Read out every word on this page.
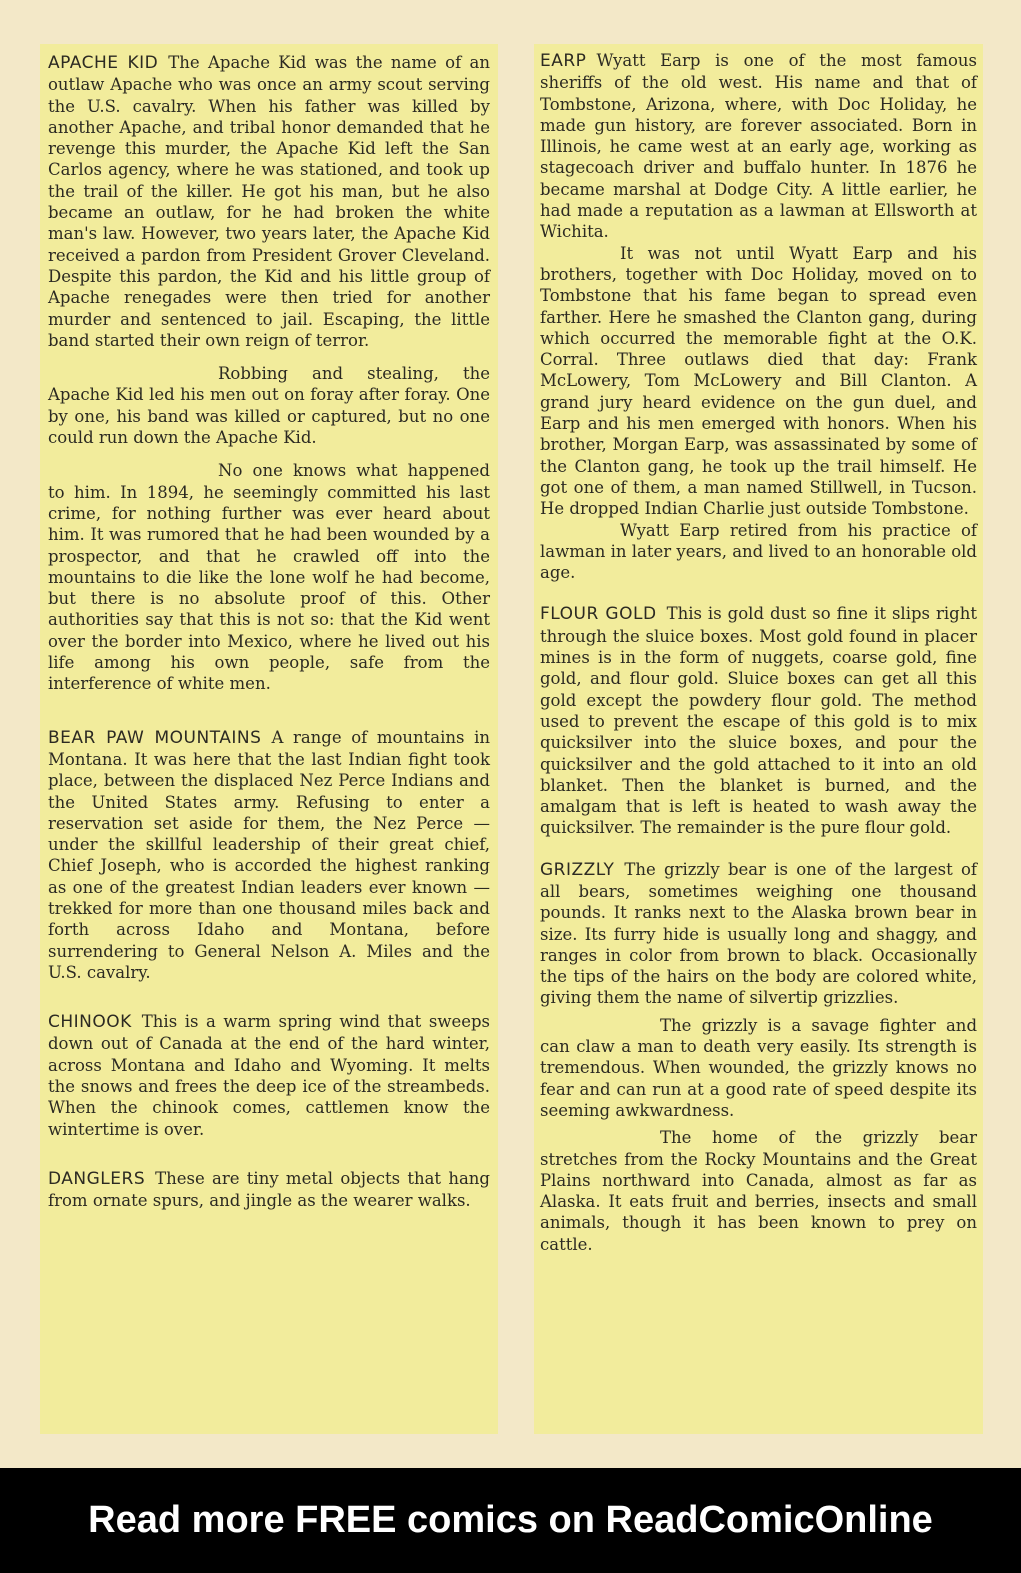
APACHE KID The Apache Kid was the name of an outlaw Apache who was once an army scout serving the U.S. cavalry. When his father was killed by another Apache, and tribal honor demanded that he revenge this murder, the Apache Kid left the San Carlos agency, where he was stationed, and took up the trail of the killer. He got his man, but he also became an outlaw, for he had broken the white man's law. However, two years later, the Apache Kid received a pardon from President Grover Cleveland. Despite this pardon, the Kid and his little group of Apache renegades were then tried for another murder and sentenced to jail. Escaping, the little band started their own reign of terror.

Robbing and stealing, the Apache Kid led his men out on foray after foray. One by one, his band was killed or captured, but no one could run down the Apache Kid.

No one knows what happened to him. In 1894, he seemingly committed his last crime, for nothing further was ever heard about him. It was rumored that he had been wounded by a prospector, and that he crawled off into the mountains to die like the lone wolf he had become, but there is no absolute proof of this. Other authorities say that this is not so: that the Kid went over the border into Mexico, where he lived out his life among his own people, safe from the interference of white men.

BEAR PAW MOUNTAINS A range of mountains in Montana. It was here that the last Indian fight took place, between the displaced Nez Perce Indians and the United States army. Refusing to enter a reservation set aside for them, the Nez Perce — under the skillful leadership of their great chief, Chief Joseph, who is accorded the highest ranking as one of the greatest Indian leaders ever known — trekked for more than one thousand miles back and forth across Idaho and Montana, before surrendering to General Nelson A. Miles and the U.S. cavalry.

CHINOOK This is a warm spring wind that sweeps down out of Canada at the end of the hard winter, across Montana and Idaho and Wyoming. It melts the snows and frees the deep ice of the streambeds. When the chinook comes, cattlemen know the wintertime is over.

DANGLERS These are tiny metal objects that hang from ornate spurs, and jingle as the wearer walks.

EARP Wyatt Earp is one of the most famous sheriffs of the old west. His name and that of Tombstone, Arizona, where, with Doc Holiday, he made gun history, are forever associated. Born in Illinois, he came west at an early age, working as stagecoach driver and buffalo hunter. In 1876 he became marshal at Dodge City. A little earlier, he had made a reputation as a lawman at Ellsworth at Wichita.

It was not until Wyatt Earp and his brothers, together with Doc Holiday, moved on to Tombstone that his fame began to spread even farther. Here he smashed the Clanton gang, during which occurred the memorable fight at the O.K. Corral. Three outlaws died that day: Frank McLowery, Tom McLowery and Bill Clanton. A grand jury heard evidence on the gun duel, and Earp and his men emerged with honors. When his brother, Morgan Earp, was assassinated by some of the Clanton gang, he took up the trail himself. He got one of them, a man named Stillwell, in Tucson. He dropped Indian Charlie just outside Tombstone.

Wyatt Earp retired from his practice of lawman in later years, and lived to an honorable old age.

FLOUR GOLD This is gold dust so fine it slips right through the sluice boxes. Most gold found in placer mines is in the form of nuggets, coarse gold, fine gold, and flour gold. Sluice boxes can get all this gold except the powdery flour gold. The method used to prevent the escape of this gold is to mix quicksilver into the sluice boxes, and pour the quicksilver and the gold attached to it into an old blanket. Then the blanket is burned, and the amalgam that is left is heated to wash away the quicksilver. The remainder is the pure flour gold.

GRIZZLY The grizzly bear is one of the largest of all bears, sometimes weighing one thousand pounds. It ranks next to the Alaska brown bear in size. Its furry hide is usually long and shaggy, and ranges in color from brown to black. Occasionally the tips of the hairs on the body are colored white, giving them the name of silvertip grizzlies.

The grizzly is a savage fighter and can claw a man to death very easily. Its strength is tremendous. When wounded, the grizzly knows no fear and can run at a good rate of speed despite its seeming awkwardness.

The home of the grizzly bear stretches from the Rocky Mountains and the Great Plains northward into Canada, almost as far as Alaska. It eats fruit and berries, insects and small animals, though it has been known to prey on cattle.

Read more FREE comics on ReadComicOnline
